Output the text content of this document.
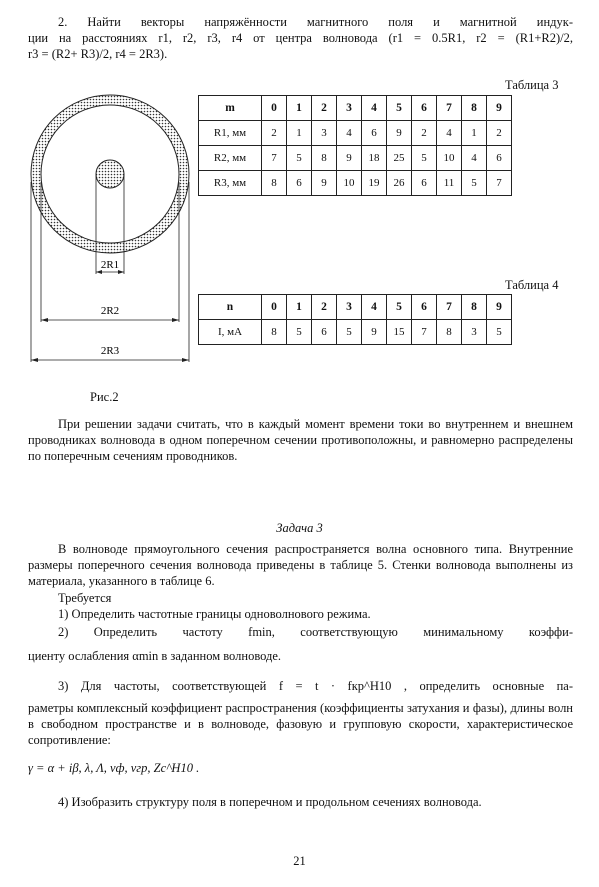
2. Найти векторы напряжённости магнитного поля и магнитной индук-
ции на расстояниях r1, r2, r3, r4 от центра волновода (r1 = 0.5R1, r2 = (R1+R2)/2,
r3 = (R2+ R3)/2, r4 = 2R3).
2R1
2R2
2R3
Рис.2
Таблица 3
m	0	1	2	3	4	5	6	7	8	9
R1, мм	2	1	3	4	6	9	2	4	1	2
R2, мм	7	5	8	9	18	25	5	10	4	6
R3, мм	8	6	9	10	19	26	6	11	5	7
Таблица 4
n	0	1	2	3	4	5	6	7	8	9
I, мА	8	5	6	5	9	15	7	8	3	5
При решении задачи считать, что в каждый момент времени токи во внутреннем и внешнем проводниках волновода в одном поперечном сечении противоположны, и равномерно распределены по поперечным сечениям проводников.
Задача 3
В волноводе прямоугольного сечения распространяется волна основного типа. Внутренние размеры поперечного сечения волновода приведены в таблице 5. Стенки волновода выполнены из материала, указанного в таблице 6.
Требуется
1) Определить частотные границы одноволнового режима.
2) Определить частоту fmin, соответствующую минимальному коэффи-
циенту ослабления αmin в заданном волноводе.
3) Для частоты, соответствующей f = t · fкр^H10 , определить основные па-
раметры комплексный коэффициент распространения (коэффициенты затухания и фазы), длины волн в свободном пространстве и в волноводе, фазовую и групповую скорости, характеристическое сопротивление:
γ = α + iβ, λ, Λ, vф, vгр, Zc^H10 .
4) Изобразить структуру поля в поперечном и продольном сечениях волновода.
21
